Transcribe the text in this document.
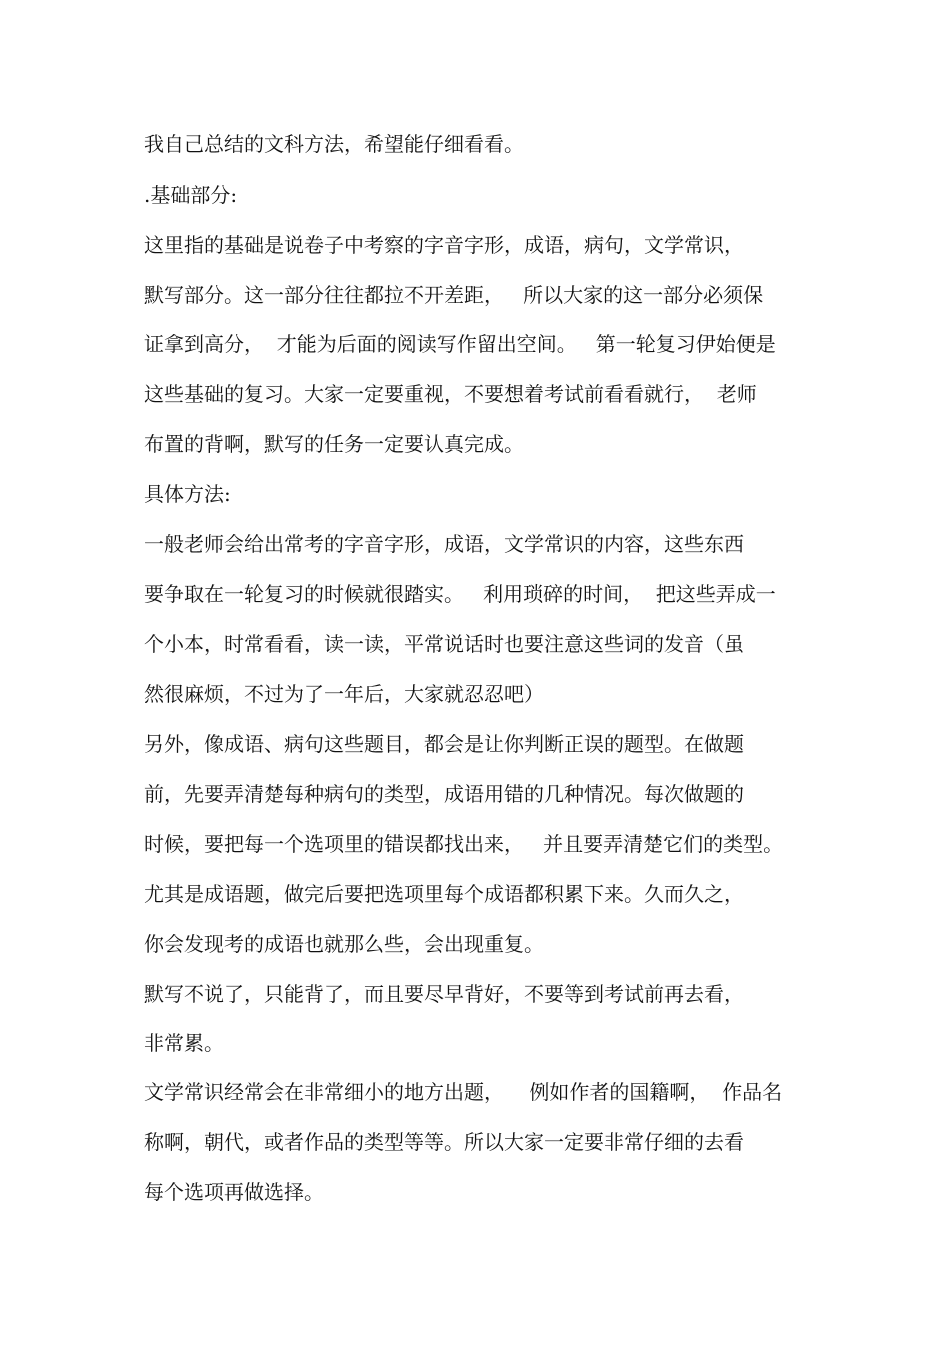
我自己总结的文科方法，希望能仔细看看。

.基础部分:

这里指的基础是说卷子中考察的字音字形，成语，病句，文学常识，

默写部分。这一部分往往都拉不开差距，   所以大家的这一部分必须保

证拿到高分，  才能为后面的阅读写作留出空间。   第一轮复习伊始便是

这些基础的复习。大家一定要重视，不要想着考试前看看就行，  老师

布置的背啊，默写的任务一定要认真完成。

具体方法:

一般老师会给出常考的字音字形，成语，文学常识的内容，这些东西

要争取在一轮复习的时候就很踏实。   利用琐碎的时间，  把这些弄成一

个小本，时常看看，读一读，平常说话时也要注意这些词的发音（虽

然很麻烦，不过为了一年后，大家就忍忍吧）

另外，像成语、病句这些题目，都会是让你判断正误的题型。在做题

前，先要弄清楚每种病句的类型，成语用错的几种情况。每次做题的

时候，要把每一个选项里的错误都找出来，   并且要弄清楚它们的类型。

尤其是成语题，做完后要把选项里每个成语都积累下来。久而久之，

你会发现考的成语也就那么些，会出现重复。

默写不说了，只能背了，而且要尽早背好，不要等到考试前再去看，

非常累。

文学常识经常会在非常细小的地方出题，    例如作者的国籍啊，  作品名

称啊，朝代，或者作品的类型等等。所以大家一定要非常仔细的去看

每个选项再做选择。
